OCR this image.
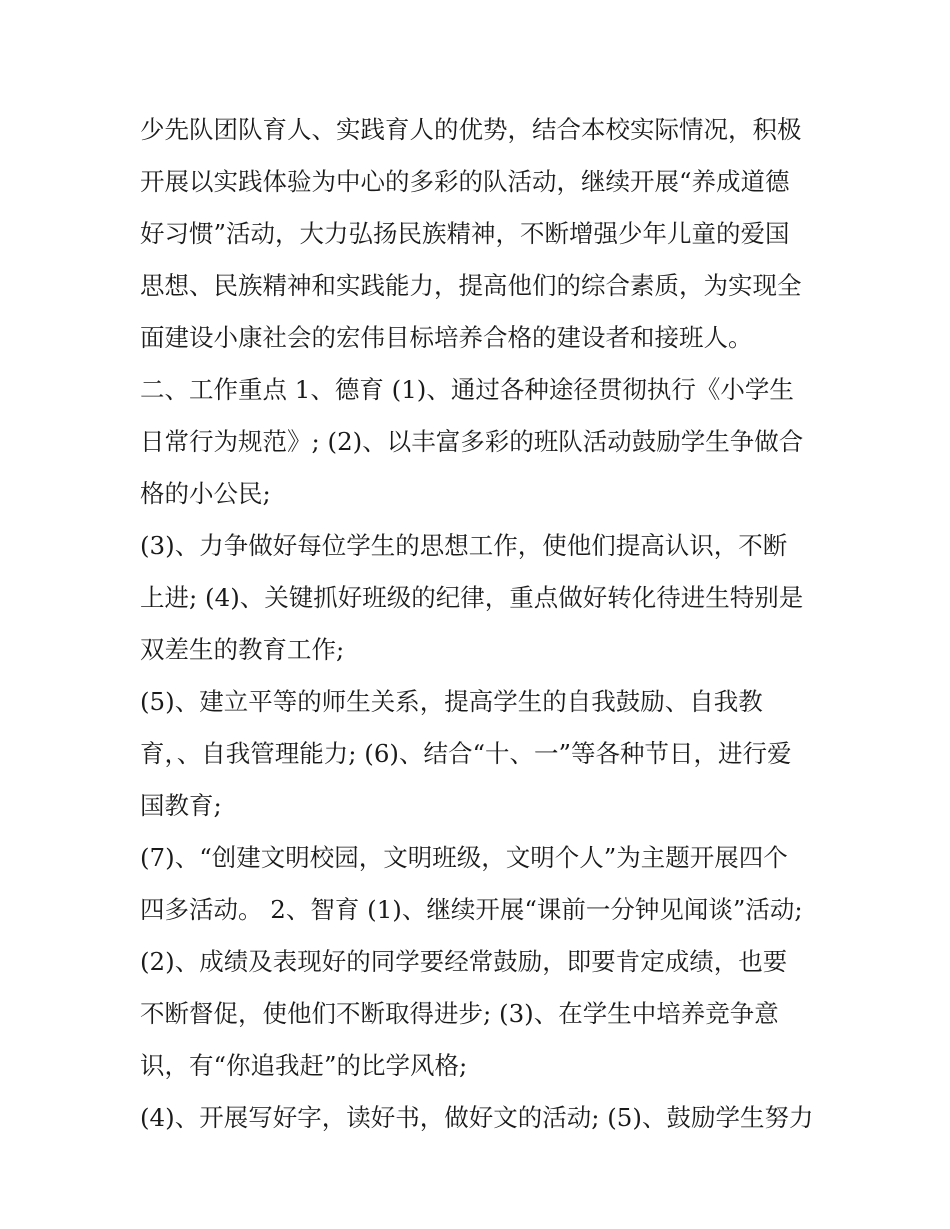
少先队团队育人、实践育人的优势，结合本校实际情况，积极
开展以实践体验为中心的多彩的队活动，继续开展“养成道德
好习惯”活动，大力弘扬民族精神，不断增强少年儿童的爱国
思想、民族精神和实践能力，提高他们的综合素质，为实现全
面建设小康社会的宏伟目标培养合格的建设者和接班人。
二、工作重点 1、德育 (1)、通过各种途径贯彻执行《小学生
日常行为规范》; (2)、以丰富多彩的班队活动鼓励学生争做合
格的小公民;
(3)、力争做好每位学生的思想工作，使他们提高认识，不断
上进; (4)、关键抓好班级的纪律，重点做好转化待进生特别是
双差生的教育工作;
(5)、建立平等的师生关系，提高学生的自我鼓励、自我教
育，、自我管理能力; (6)、结合“十、一”等各种节日，进行爱
国教育;
(7)、“创建文明校园，文明班级，文明个人”为主题开展四个
四多活动。 2、智育 (1)、继续开展“课前一分钟见闻谈”活动;
(2)、成绩及表现好的同学要经常鼓励，即要肯定成绩，也要
不断督促，使他们不断取得进步; (3)、在学生中培养竞争意
识，有“你追我赶”的比学风格;
(4)、开展写好字，读好书，做好文的活动; (5)、鼓励学生努力
